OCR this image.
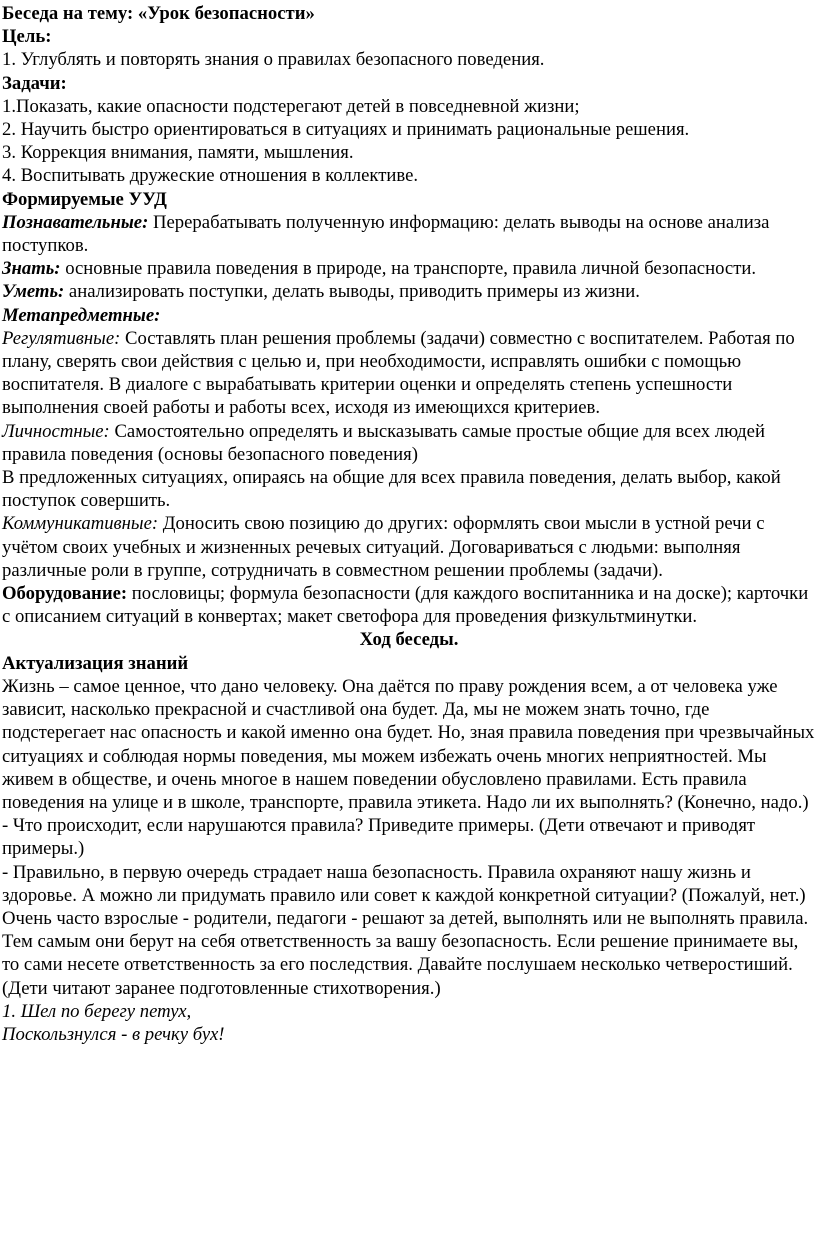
Беседа на тему: «Урок безопасности»

Цель:

1. Углублять и повторять знания о правилах безопасного поведения.

Задачи:

1.Показать, какие опасности подстерегают детей в повседневной жизни;

2. Научить быстро ориентироваться в ситуациях и принимать рациональные решения.

3. Коррекция внимания, памяти, мышления.

4. Воспитывать дружеские отношения в коллективе.

Формируемые УУД

Познавательные: Перерабатывать полученную информацию: делать выводы на основе анализа поступков.

Знать: основные правила поведения в природе, на транспорте, правила личной безопасности.

Уметь: анализировать поступки, делать выводы, приводить примеры из жизни.

Метапредметные:

Регулятивные: Составлять план решения проблемы (задачи) совместно с воспитателем. Работая по плану, сверять свои действия с целью и, при необходимости, исправлять ошибки с помощью воспитателя. В диалоге с вырабатывать критерии оценки и определять степень успешности выполнения своей работы и работы всех, исходя из имеющихся критериев.

Личностные: Самостоятельно определять и высказывать самые простые общие для всех людей правила поведения (основы безопасного поведения)

В предложенных ситуациях, опираясь на общие для всех правила поведения, делать выбор, какой поступок совершить.

Коммуникативные: Доносить свою позицию до других: оформлять свои мысли в устной речи с учётом своих учебных и жизненных речевых ситуаций. Договариваться с людьми: выполняя различные роли в группе, сотрудничать в совместном решении проблемы (задачи).

Оборудование: пословицы; формула безопасности (для каждого воспитанника и на доске); карточки с описанием ситуаций в конвертах; макет светофора для проведения физкультминутки.

Ход беседы.

Актуализация знаний

Жизнь – самое ценное, что дано человеку. Она даётся по праву рождения всем, а от человека уже зависит, насколько прекрасной и счастливой она будет. Да, мы не можем знать точно, где подстерегает нас опасность и какой именно она будет. Но, зная правила поведения при чрезвычайных ситуациях и соблюдая нормы поведения, мы можем избежать очень многих неприятностей. Мы живем в обществе, и очень многое в нашем поведении обусловлено правилами. Есть правила поведения на улице и в школе, транспорте, правила этикета. Надо ли их выполнять? (Конечно, надо.)

- Что происходит, если нарушаются правила? Приведите примеры. (Дети отвечают и приводят примеры.)

- Правильно, в первую очередь страдает наша безопасность. Правила охраняют нашу жизнь и здоровье. А можно ли придумать правило или совет к каждой конкретной ситуации? (Пожалуй, нет.)

Очень часто взрослые - родители, педагоги - решают за детей, выполнять или не выполнять правила. Тем самым они берут на себя ответственность за вашу безопасность. Если решение принимаете вы, то сами несете ответственность за его последствия. Давайте послушаем несколько четверостиший.

(Дети читают заранее подготовленные стихотворения.)

1. Шел по берегу петух,

Поскользнулся - в речку бух!
